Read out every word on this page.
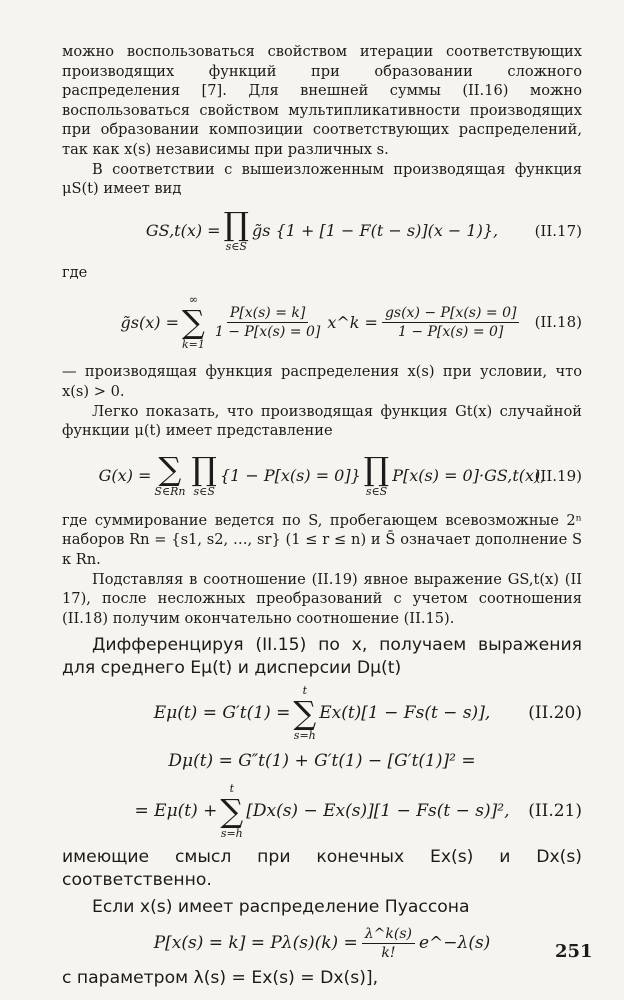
можно воспользоваться свойством итерации соответствующих производящих функций при образовании сложного распределения [7]. Для внешней суммы (II.16) можно воспользоваться свойством мультипликативности производящих при образовании композиции соответствующих распределений, так как x(s) независимы при различных s.

В соответствии с вышеизложенным производящая функция μS(t) имеет вид

GS,t(x) = ∏
s∈S
g̃s {1 + [1 − F(t − s)](x − 1)}, (II.17)

где

g̃s(x) =
∞
∑
k=1
$\frac{P[x(s) = k]}{1 - P[x(s) = 0]}$ x^k = $\frac{gs(x) - P[x(s) = 0]}{1 - P[x(s) = 0]} (II.18)$

— производящая функция распределения x(s) при условии, что x(s) > 0.

Легко показать, что производящая функция Gt(x) случайной функции μ(t) имеет представление

G(x) = ∑
S∈Rn
∏
s∈S
{1 − P[x(s) = 0]} ∏
s∈S̄
P[x(s) = 0]·GS,t(x),
(II.19)

где суммирование ведется по S, пробегающем всевозможные 2ⁿ наборов Rn = {s1, s2, …, sr} (1 ≤ r ≤ n) и S̄ означает дополнение S к Rn.

Подставляя в соотношение (II.19) явное выражение GS,t(x) (II 17), после несложных преобразований с учетом соотношения (II.18) получим окончательно соотношение (II.15).

Дифференцируя (II.15) по x, получаем выражения для среднего Eμ(t) и дисперсии Dμ(t)

Eμ(t) = G′t(1) =
t
∑
s=h
Ex(t)[1 − Fs(t − s)], (II.20)
Dμ(t) = G″t(1) + G′t(1) − [G′t(1)]² =
= Eμ(t) +
t
∑
s=h
[Dx(s) − Ex(s)][1 − Fs(t − s)]², (II.21)

имеющие смысл при конечных Ex(s) и Dx(s) соответственно.

Если x(s) имеет распределение Пуассона

$P[x(s) = k] = P\lambda(s)(k) = \frac{\lambda\^{}k(s)}{k!}$ e^−λ(s)

с параметром λ(s) = Ex(s) = Dx(s)],

251
